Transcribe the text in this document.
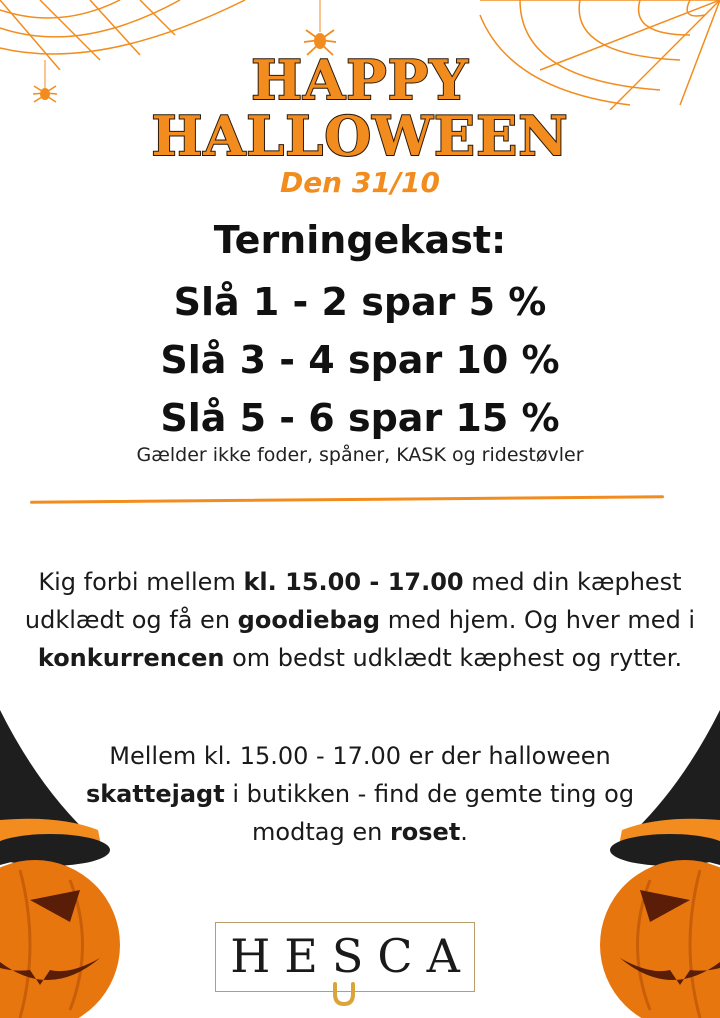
HAPPY
HALLOWEEN
Den 31/10
Terningekast:
Slå 1 - 2 spar 5 %
Slå 3 - 4 spar 10 %
Slå 5 - 6 spar 15 %
Gælder ikke foder, spåner, KASK og ridestøvler
Kig forbi mellem kl. 15.00 - 17.00 med din kæphest udklædt og få en goodiebag med hjem. Og hver med i konkurrencen om bedst udklædt kæphest og rytter.
Mellem kl. 15.00 - 17.00 er der halloween skattejagt i butikken - find de gemte ting og modtag en roset.
HESCA
